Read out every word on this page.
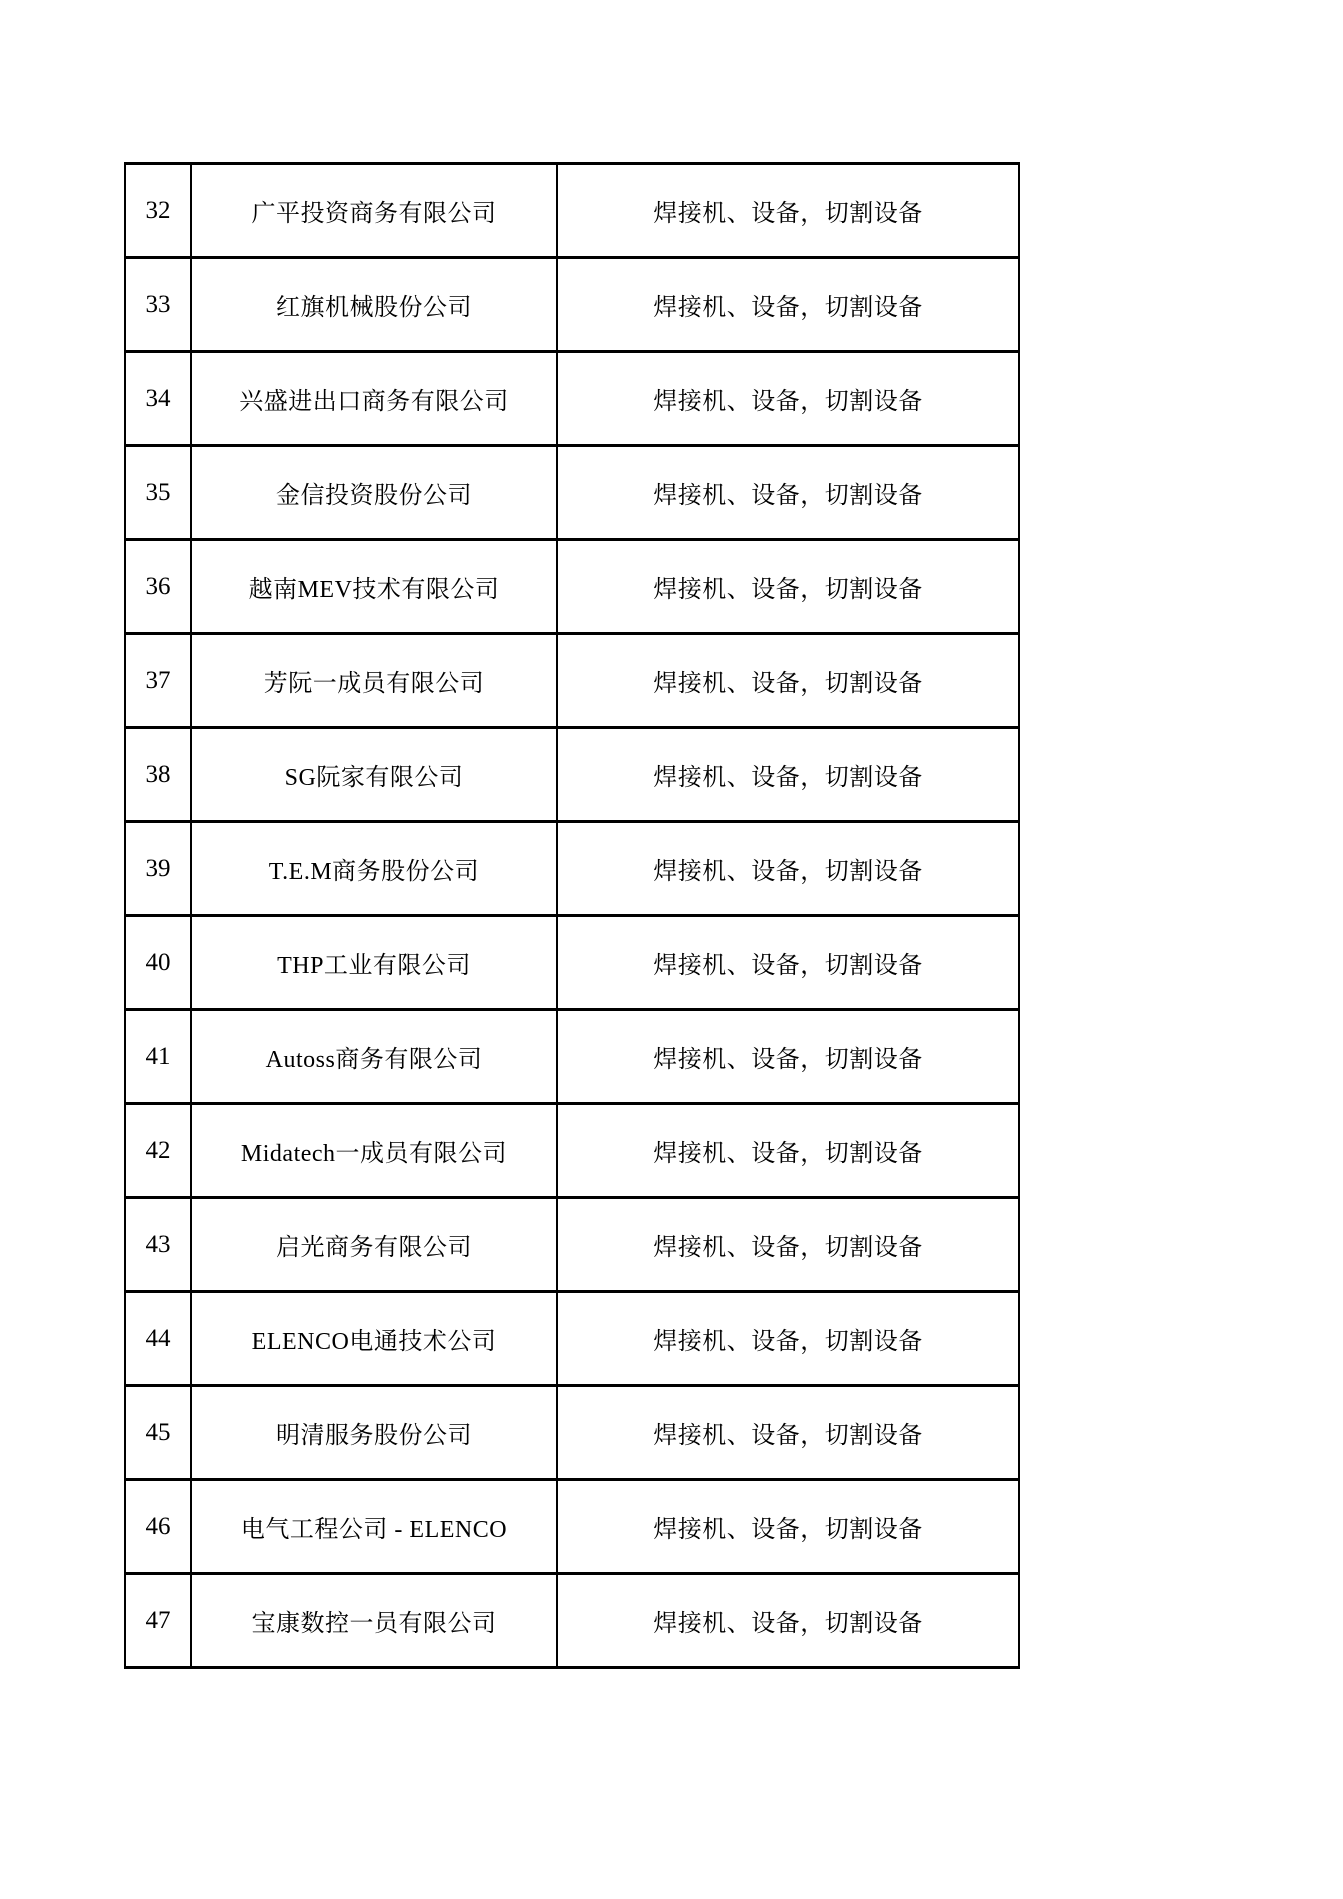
32	广平投资商务有限公司	焊接机、设备，切割设备
33	红旗机械股份公司	焊接机、设备，切割设备
34	兴盛进出口商务有限公司	焊接机、设备，切割设备
35	金信投资股份公司	焊接机、设备，切割设备
36	越南MEV技术有限公司	焊接机、设备，切割设备
37	芳阮一成员有限公司	焊接机、设备，切割设备
38	SG阮家有限公司	焊接机、设备，切割设备
39	T.E.M商务股份公司	焊接机、设备，切割设备
40	THP工业有限公司	焊接机、设备，切割设备
41	Autoss商务有限公司	焊接机、设备，切割设备
42	Midatech一成员有限公司	焊接机、设备，切割设备
43	启光商务有限公司	焊接机、设备，切割设备
44	ELENCO电通技术公司	焊接机、设备，切割设备
45	明清服务股份公司	焊接机、设备，切割设备
46	电气工程公司 - ELENCO	焊接机、设备，切割设备
47	宝康数控一员有限公司	焊接机、设备，切割设备
